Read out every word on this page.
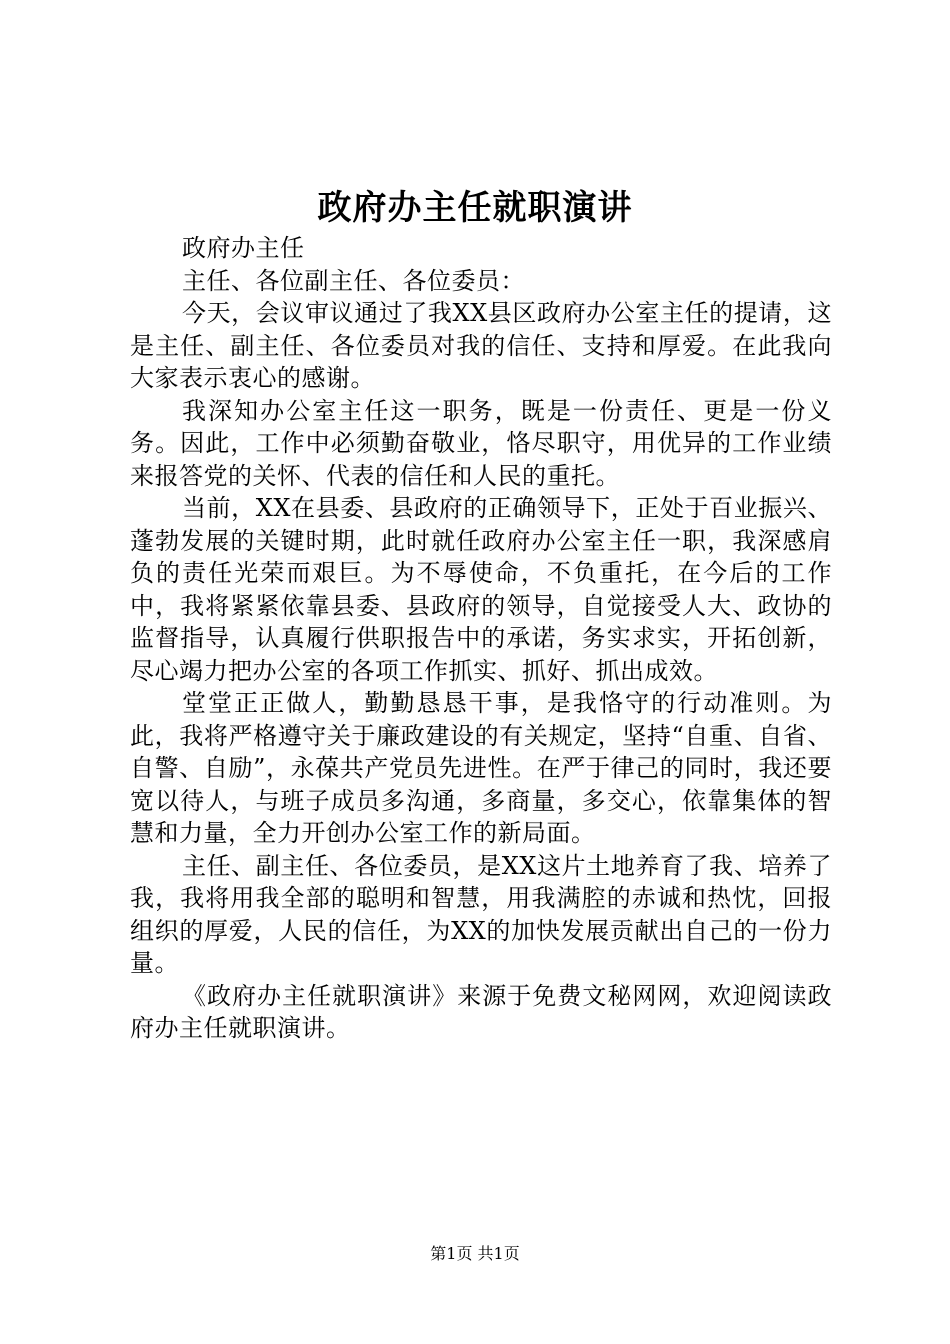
政府办主任就职演讲

政府办主任

主任、各位副主任、各位委员：

今天，会议审议通过了我XX县区政府办公室主任的提请，这是主任、副主任、各位委员对我的信任、支持和厚爱。在此我向大家表示衷心的感谢。

我深知办公室主任这一职务，既是一份责任、更是一份义务。因此，工作中必须勤奋敬业，恪尽职守，用优异的工作业绩来报答党的关怀、代表的信任和人民的重托。

当前，XX在县委、县政府的正确领导下，正处于百业振兴、蓬勃发展的关键时期，此时就任政府办公室主任一职，我深感肩负的责任光荣而艰巨。为不辱使命，不负重托，在今后的工作中，我将紧紧依靠县委、县政府的领导，自觉接受人大、政协的监督指导，认真履行供职报告中的承诺，务实求实，开拓创新，尽心竭力把办公室的各项工作抓实、抓好、抓出成效。

堂堂正正做人，勤勤恳恳干事，是我恪守的行动准则。为此，我将严格遵守关于廉政建设的有关规定，坚持“自重、自省、自警、自励”，永葆共产党员先进性。在严于律己的同时，我还要宽以待人，与班子成员多沟通，多商量，多交心，依靠集体的智慧和力量，全力开创办公室工作的新局面。

主任、副主任、各位委员，是XX这片土地养育了我、培养了我，我将用我全部的聪明和智慧，用我满腔的赤诚和热忱，回报组织的厚爱，人民的信任，为XX的加快发展贡献出自己的一份力量。

《政府办主任就职演讲》来源于免费文秘网网，欢迎阅读政府办主任就职演讲。

第1页 共1页
